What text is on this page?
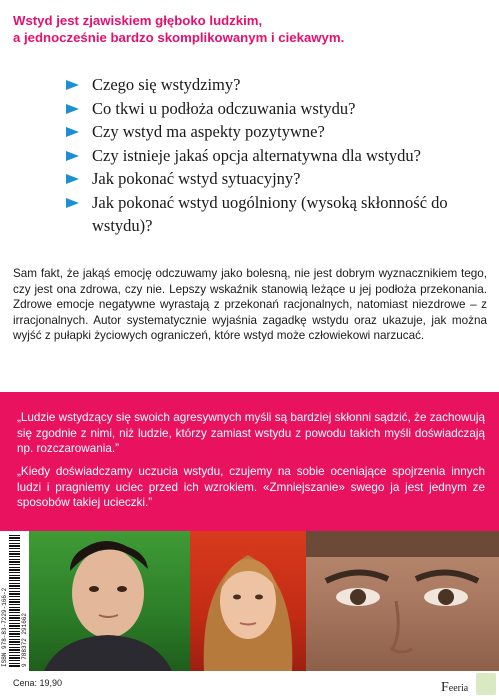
Wstyd jest zjawiskiem głęboko ludzkim,
a jednocześnie bardzo skomplikowanym i ciekawym.
Czego się wstydzimy?
Co tkwi u podłoża odczuwania wstydu?
Czy wstyd ma aspekty pozytywne?
Czy istnieje jakaś opcja alternatywna dla wstydu?
Jak pokonać wstyd sytuacyjny?
Jak pokonać wstyd uogólniony (wysoką skłonność do wstydu)?

Sam fakt, że jakąś emocję odczuwamy jako bolesną, nie jest dobrym wyznacznikiem tego, czy jest ona zdrowa, czy nie. Lepszy wskaźnik stanowią leżące u jej podłoża przekonania. Zdrowe emocje negatywne wyrastają z przekonań racjonalnych, natomiast niezdrowe – z irracjonalnych. Autor systematycznie wyjaśnia zagadkę wstydu oraz ukazuje, jak można wyjść z pułapki życiowych ograniczeń, które wstyd może człowiekowi narzucać.

„Ludzie wstydzący się swoich agresywnych myśli są bardziej skłonni sądzić, że zachowują się zgodnie z nimi, niż ludzie, którzy zamiast wstydu z powodu takich myśli doświadczają np. rozczarowania.”

„Kiedy doświadczamy uczucia wstydu, czujemy na sobie oceniające spojrzenia innych ludzi i pragniemy uciec przed ich wzrokiem. «Zmniejszanie» swego ja jest jednym ze sposobów takiej ucieczki.”

ISBN 978-83-7229-166-2 9 788372 291662
Cena: 19,90	Feeria
